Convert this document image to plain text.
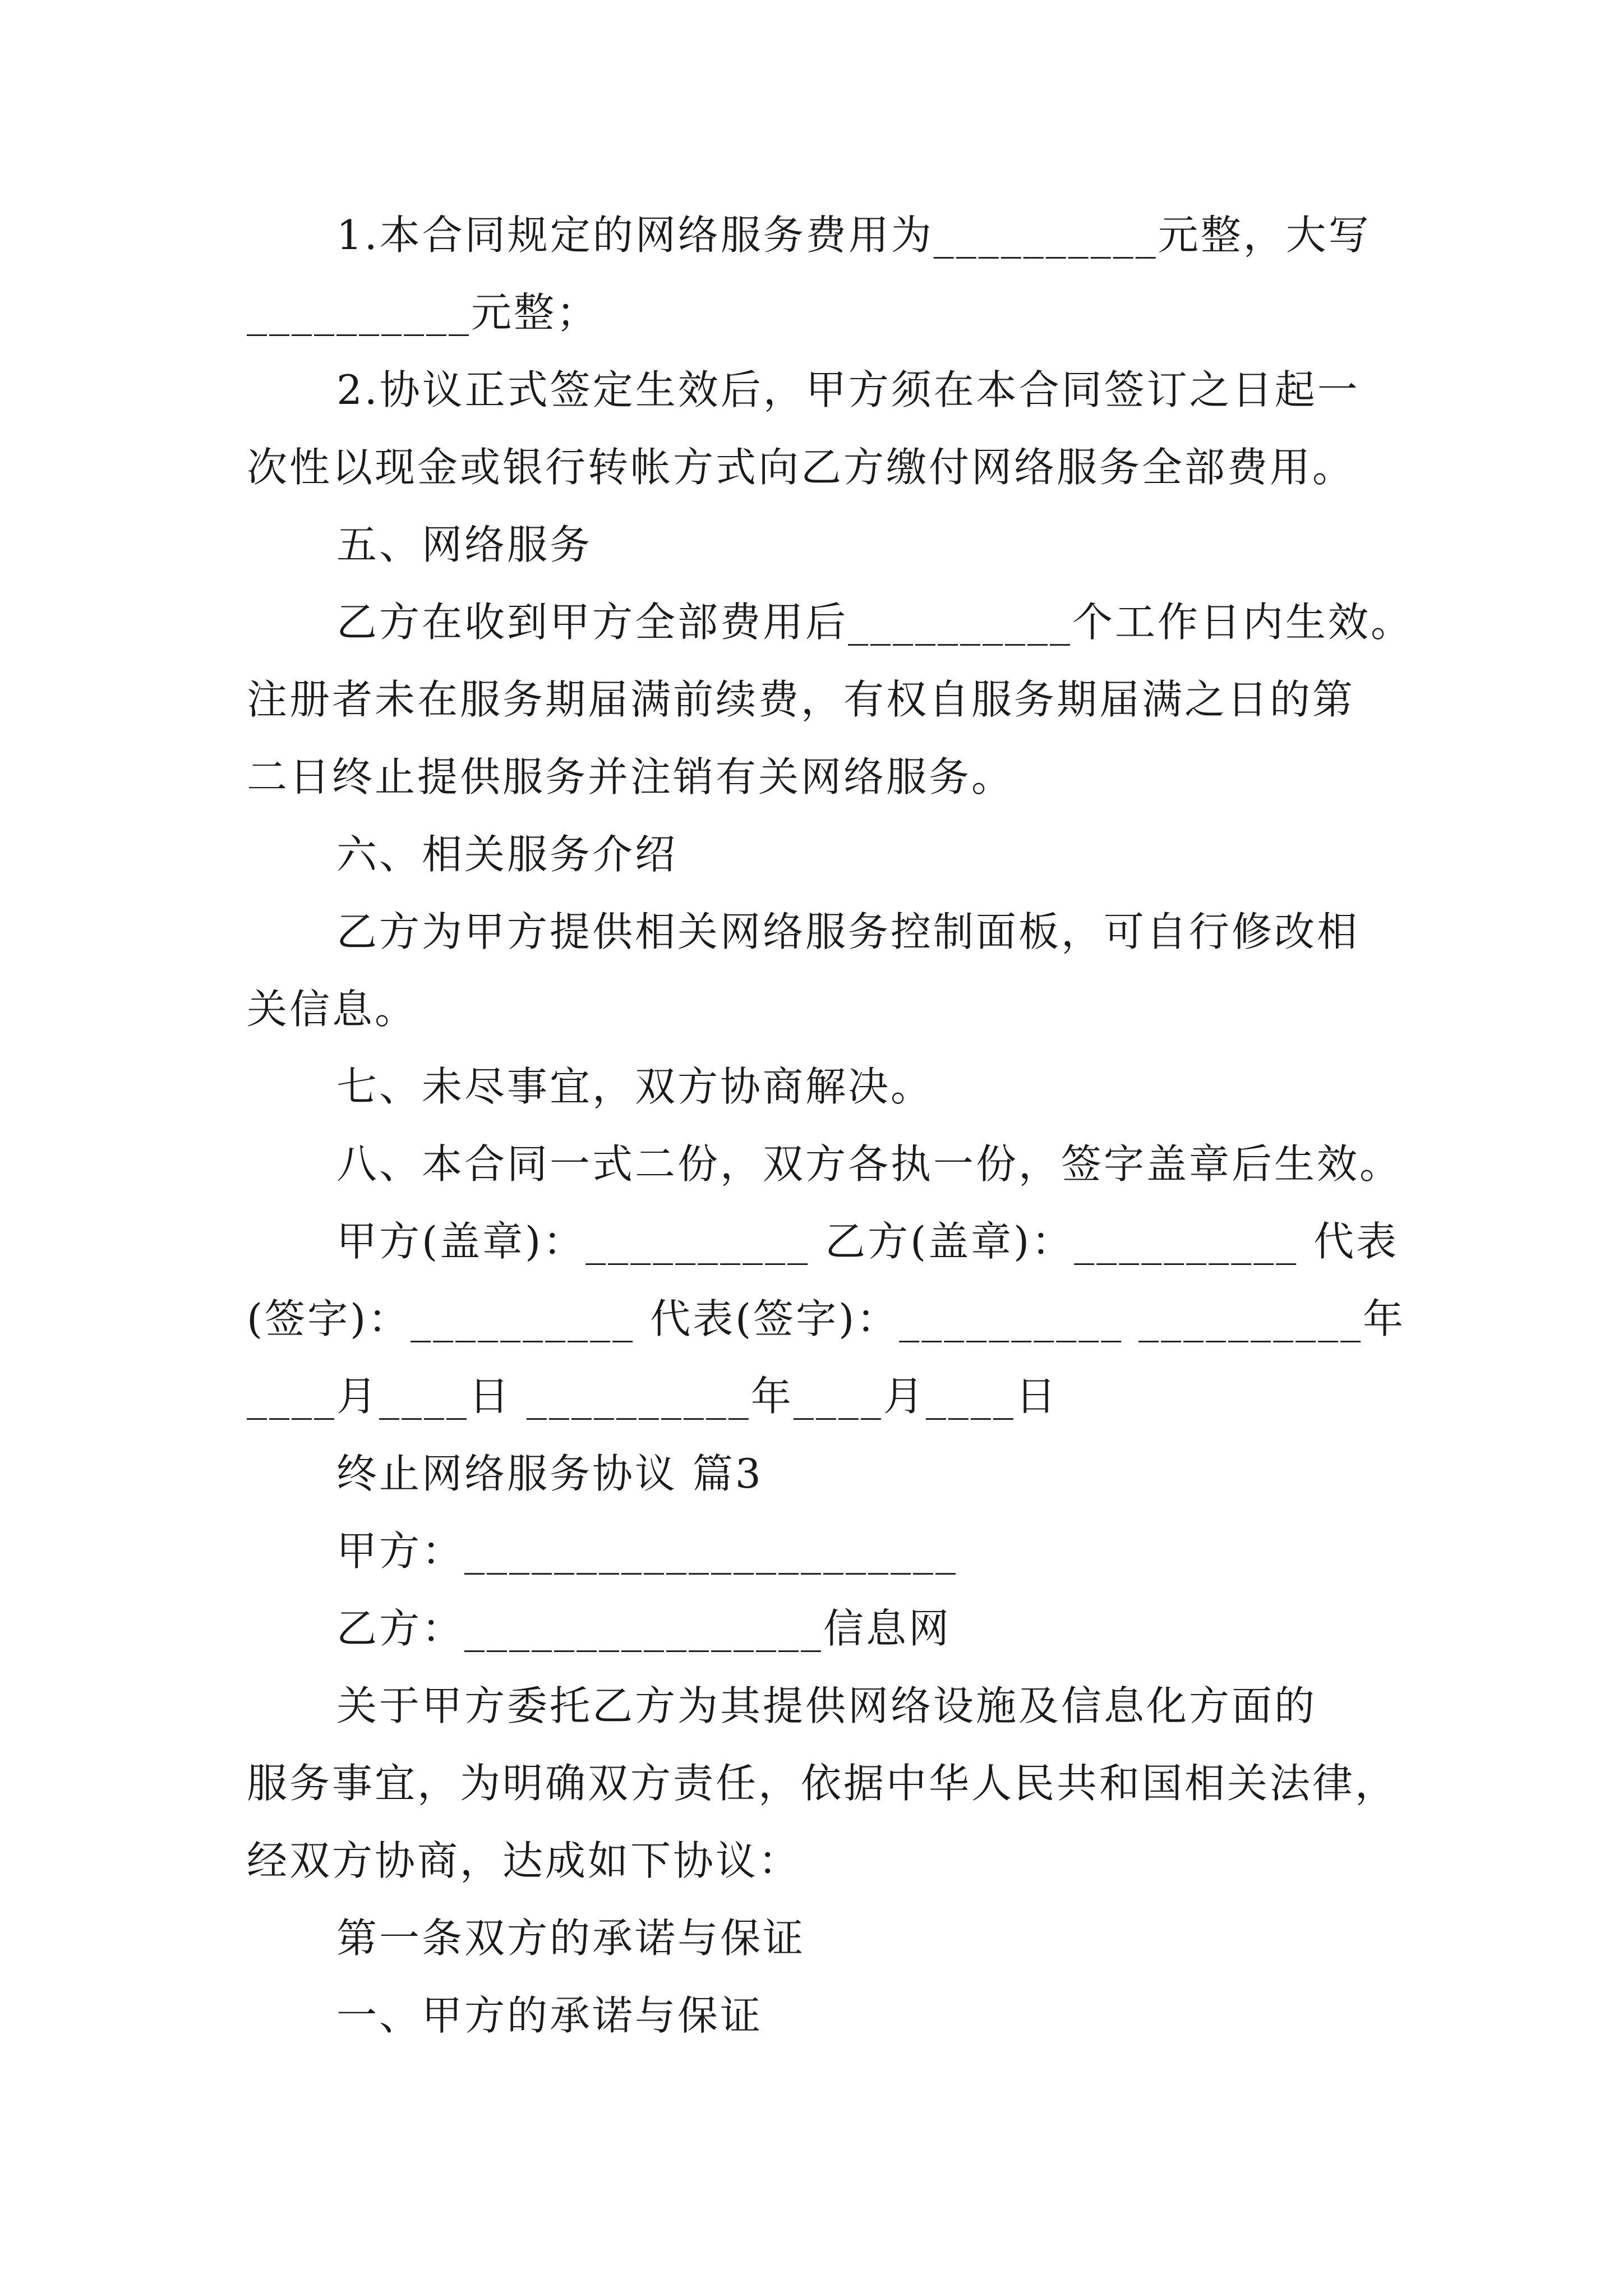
1.本合同规定的网络服务费用为__________元整，大写
__________元整；
2.协议正式签定生效后，甲方须在本合同签订之日起一
次性以现金或银行转帐方式向乙方缴付网络服务全部费用。
五、网络服务
乙方在收到甲方全部费用后__________个工作日内生效。
注册者未在服务期届满前续费，有权自服务期届满之日的第
二日终止提供服务并注销有关网络服务。
六、相关服务介绍
乙方为甲方提供相关网络服务控制面板，可自行修改相
关信息。
七、未尽事宜，双方协商解决。
八、本合同一式二份，双方各执一份，签字盖章后生效。
甲方(盖章)：__________ 乙方(盖章)：__________ 代表
(签字)：__________ 代表(签字)：__________ __________年
____月____日 __________年____月____日
终止网络服务协议 篇3
甲方：______________________
乙方：________________信息网
关于甲方委托乙方为其提供网络设施及信息化方面的
服务事宜，为明确双方责任，依据中华人民共和国相关法律，
经双方协商，达成如下协议：
第一条双方的承诺与保证
一、甲方的承诺与保证
